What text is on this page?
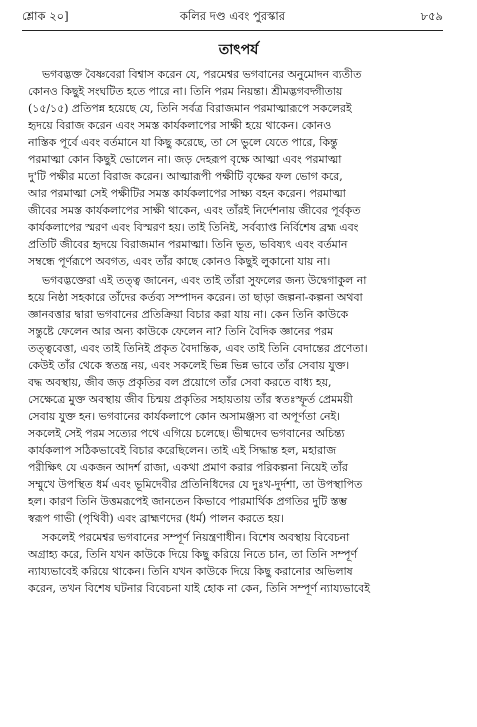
শ্লোক ২০]	কলির দণ্ড এবং পুরস্কার	৮৫৯
তাৎপর্য
ভগবদ্ভক্ত বৈষ্ণবেরা বিশ্বাস করেন যে, পরমেশ্বর ভগবানের অনুমোদন ব্যতীত
কোনও কিছুই সংঘটিত হতে পারে না। তিনি পরম নিয়ন্তা। শ্রীমদ্ভগবদ্গীতায়
(১৫/১৫) প্রতিপন্ন হয়েছে যে, তিনি সর্বত্র বিরাজমান পরমাত্মারূপে সকলেরই
হৃদয়ে বিরাজ করেন এবং সমস্ত কার্যকলাপের সাক্ষী হয়ে থাকেন। কোনও
নাস্তিক পূর্বে এবং বর্তমানে যা কিছু করেছে, তা সে ভুলে যেতে পারে, কিন্তু
পরমাত্মা কোন কিছুই ভোলেন না। জড় দেহরূপ বৃক্ষে আত্মা এবং পরমাত্মা
দু'টি পক্ষীর মতো বিরাজ করেন। আত্মারূপী পক্ষীটি বৃক্ষের ফল ভোগ করে,
আর পরমাত্মা সেই পক্ষীটির সমস্ত কার্যকলাপের সাক্ষ্য বহন করেন। পরমাত্মা
জীবের সমস্ত কার্যকলাপের সাক্ষী থাকেন, এবং তাঁরই নির্দেশনায় জীবের পূর্বকৃত
কার্যকলাপের স্মরণ এবং বিস্মরণ হয়। তাই তিনিই, সর্বব্যাপ্ত নির্বিশেষ ব্রহ্ম এবং
প্রতিটি জীবের হৃদয়ে বিরাজমান পরমাত্মা। তিনি ভূত, ভবিষ্যৎ এবং বর্তমান
সম্বন্ধে পূর্ণরূপে অবগত, এবং তাঁর কাছে কোনও কিছুই লুকানো যায় না।
ভগবদ্ভক্তেরা এই তত্ত্ব জানেন, এবং তাই তাঁরা সুফলের জন্য উদ্বেগাকুল না
হয়ে নিষ্ঠা সহকারে তাঁদের কর্তব্য সম্পাদন করেন। তা ছাড়া জল্পনা-কল্পনা অথবা
জ্ঞানবত্তার দ্বারা ভগবানের প্রতিক্রিয়া বিচার করা যায় না। কেন তিনি কাউকে
সন্তুষ্টে ফেলেন আর অন্য কাউকে ফেলেন না? তিনি বৈদিক জ্ঞানের পরম
তত্ত্ববেত্তা, এবং তাই তিনিই প্রকৃত বৈদান্তিক, এবং তাই তিনি বেদান্তের প্রণেতা।
কেউই তাঁর থেকে স্বতন্ত্র নয়, এবং সকলেই ভিন্ন ভিন্ন ভাবে তাঁর সেবায় যুক্ত।
বদ্ধ অবস্থায়, জীব জড় প্রকৃতির বল প্রয়োগে তাঁর সেবা করতে বাধ্য হয়,
সেক্ষেত্রে মুক্ত অবস্থায় জীব চিন্ময় প্রকৃতির সহায়তায় তাঁর স্বতঃস্ফূর্ত প্রেমময়ী
সেবায় যুক্ত হন। ভগবানের কার্যকলাপে কোন অসামঞ্জস্য বা অপূর্ণতা নেই।
সকলেই সেই পরম সত্যের পথে এগিয়ে চলেছে। ভীষ্মদেব ভগবানের অচিন্ত্য
কার্যকলাপ সঠিকভাবেই বিচার করেছিলেন। তাই এই সিদ্ধান্ত হল, মহারাজ
পরীক্ষিৎ যে একজন আদর্শ রাজা, একথা প্রমাণ করার পরিকল্পনা নিয়েই তাঁর
সম্মুখে উপস্থিত ধর্ম এবং ভূমিদেবীর প্রতিনিধিদের যে দুঃখ-দুর্দশা, তা উপস্থাপিত
হল। কারণ তিনি উত্তমরূপেই জানতেন কিভাবে পারমার্থিক প্রগতির দুটি স্তম্ভ
স্বরূপ গাভী (পৃথিবী) এবং ব্রাহ্মণদের (ধর্ম) পালন করতে হয়।
সকলেই পরমেশ্বর ভগবানের সম্পূর্ণ নিয়ন্ত্রণাধীন। বিশেষ অবস্থায় বিবেচনা
অগ্রাহ্য করে, তিনি যখন কাউকে দিয়ে কিছু করিয়ে নিতে চান, তা তিনি সম্পূর্ণ
ন্যায্যভাবেই করিয়ে থাকেন। তিনি যখন কাউকে দিয়ে কিছু করানোর অভিলাষ
করেন, তখন বিশেষ ঘটনার বিবেচনা যাই হোক না কেন, তিনি সম্পূর্ণ ন্যায্যভাবেই
